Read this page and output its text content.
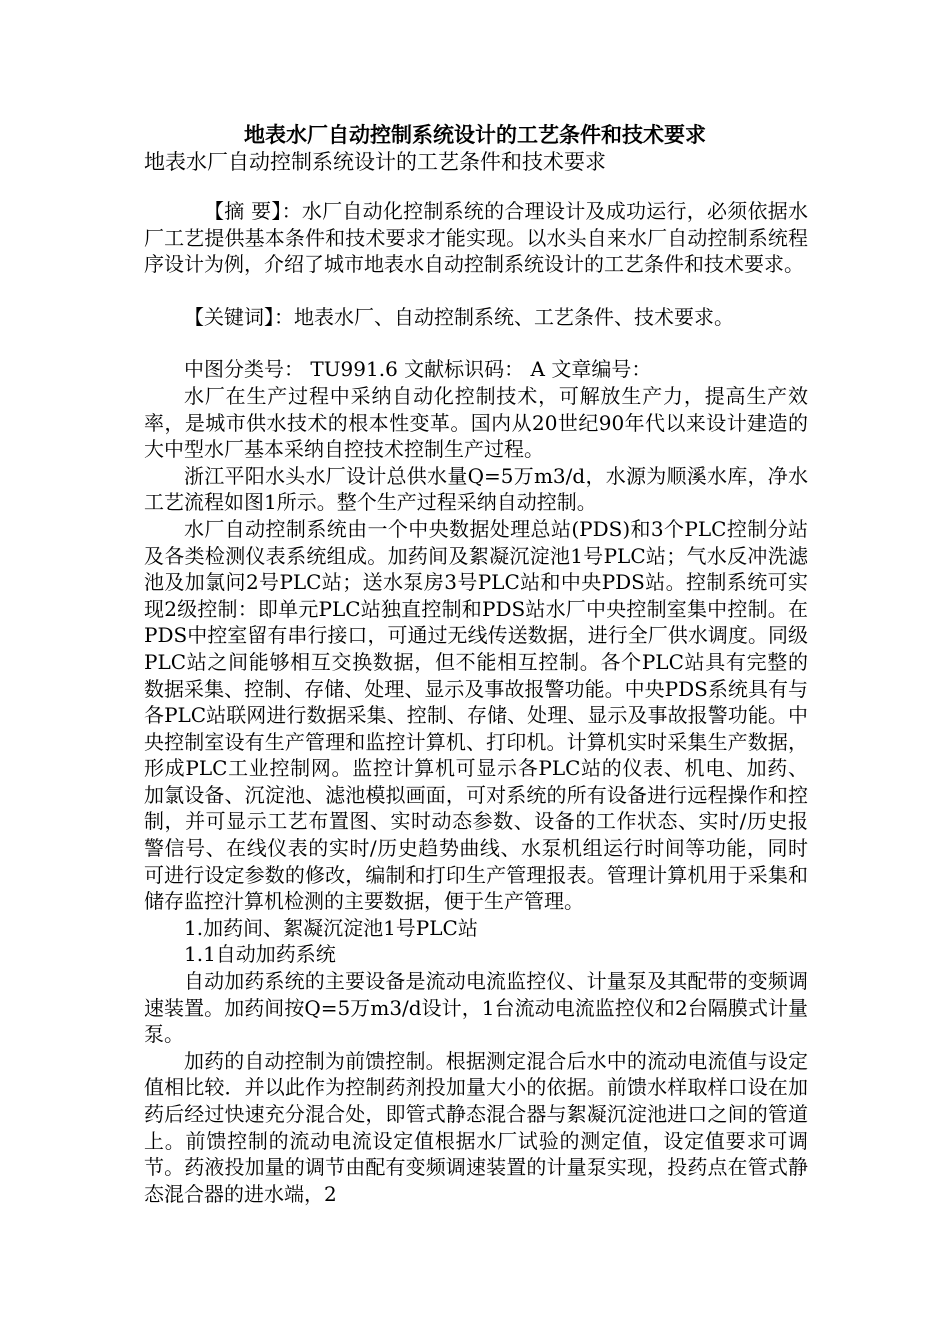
地表水厂自动控制系统设计的工艺条件和技术要求
地表水厂自动控制系统设计的工艺条件和技术要求

【摘 要】：水厂自动化控制系统的合理设计及成功运行，必须依据水厂工艺提供基本条件和技术要求才能实现。以水头自来水厂自动控制系统程序设计为例，介绍了城市地表水自动控制系统设计的工艺条件和技术要求。

【关键词】：地表水厂、自动控制系统、工艺条件、技术要求。

中图分类号： TU991.6 文献标识码： A 文章编号：

水厂在生产过程中采纳自动化控制技术，可解放生产力，提高生产效率，是城市供水技术的根本性变革。国内从20世纪90年代以来设计建造的大中型水厂基本采纳自控技术控制生产过程。

浙江平阳水头水厂设计总供水量Q=5万m3/d，水源为顺溪水库，净水工艺流程如图1所示。整个生产过程采纳自动控制。

水厂自动控制系统由一个中央数据处理总站(PDS)和3个PLC控制分站及各类检测仪表系统组成。加药间及絮凝沉淀池1号PLC站；气水反冲洗滤池及加氯问2号PLC站；送水泵房3号PLC站和中央PDS站。控制系统可实现2级控制：即单元PLC站独直控制和PDS站水厂中央控制室集中控制。在PDS中控室留有串行接口，可通过无线传送数据，进行全厂供水调度。同级PLC站之间能够相互交换数据，但不能相互控制。各个PLC站具有完整的数据采集、控制、存储、处理、显示及事故报警功能。中央PDS系统具有与各PLC站联网进行数据采集、控制、存储、处理、显示及事故报警功能。中央控制室设有生产管理和监控计算机、打印机。计算机实时采集生产数据，形成PLC工业控制网。监控计算机可显示各PLC站的仪表、机电、加药、加氯设备、沉淀池、滤池模拟画面，可对系统的所有设备进行远程操作和控制，并可显示工艺布置图、实时动态参数、设备的工作状态、实时/历史报警信号、在线仪表的实时/历史趋势曲线、水泵机组运行时间等功能，同时可进行设定参数的修改，编制和打印生产管理报表。管理计算机用于采集和储存监控汁算机检测的主要数据，便于生产管理。

1.加药间、絮凝沉淀池1号PLC站

1.1自动加药系统

自动加药系统的主要设备是流动电流监控仪、计量泵及其配带的变频调速装置。加药间按Q=5万m3/d设计，1台流动电流监控仪和2台隔膜式计量泵。

加药的自动控制为前馈控制。根据测定混合后水中的流动电流值与设定值相比较．并以此作为控制药剂投加量大小的依据。前馈水样取样口设在加药后经过快速充分混合处，即管式静态混合器与絮凝沉淀池进口之间的管道上。前馈控制的流动电流设定值根据水厂试验的测定值，设定值要求可调节。药液投加量的调节由配有变频调速装置的计量泵实现，投药点在管式静态混合器的进水端，2
